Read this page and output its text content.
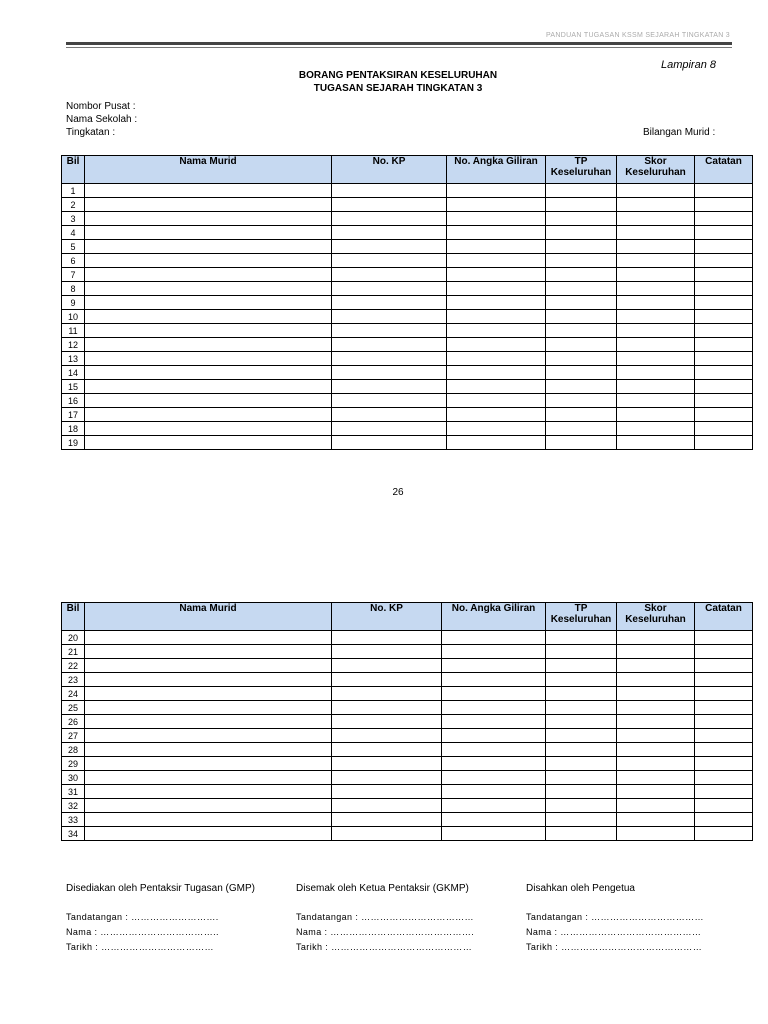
PANDUAN TUGASAN KSSM SEJARAH TINGKATAN 3
Lampiran 8
BORANG PENTAKSIRAN KESELURUHAN
TUGASAN SEJARAH TINGKATAN 3
Nombor Pusat :
Nama Sekolah :
Tingkatan :	Bilangan Murid :
Bil	Nama Murid	No. KP	No. Angka Giliran	TP Keseluruhan	Skor Keseluruhan	Catatan
1						
2						
3						
4						
5						
6						
7						
8						
9						
10						
11						
12						
13						
14						
15						
16						
17						
18						
19						
26
Bil	Nama Murid	No. KP	No. Angka Giliran	TP Keseluruhan	Skor Keseluruhan	Catatan
20						
21						
22						
23						
24						
25						
26						
27						
28						
29						
30						
31						
32						
33						
34						
Disediakan oleh Pentaksir Tugasan (GMP)
Tandatangan : ……………………….
Nama : ………………………………..
Tarikh : ………………………………
Disemak oleh Ketua Pentaksir (GKMP)
Tandatangan : ………………………………
Nama : ……………………………………….
Tarikh : ………………………………………
Disahkan oleh Pengetua
Tandatangan : ………………………………
Nama : ………………………………………
Tarikh : ………………………………………
